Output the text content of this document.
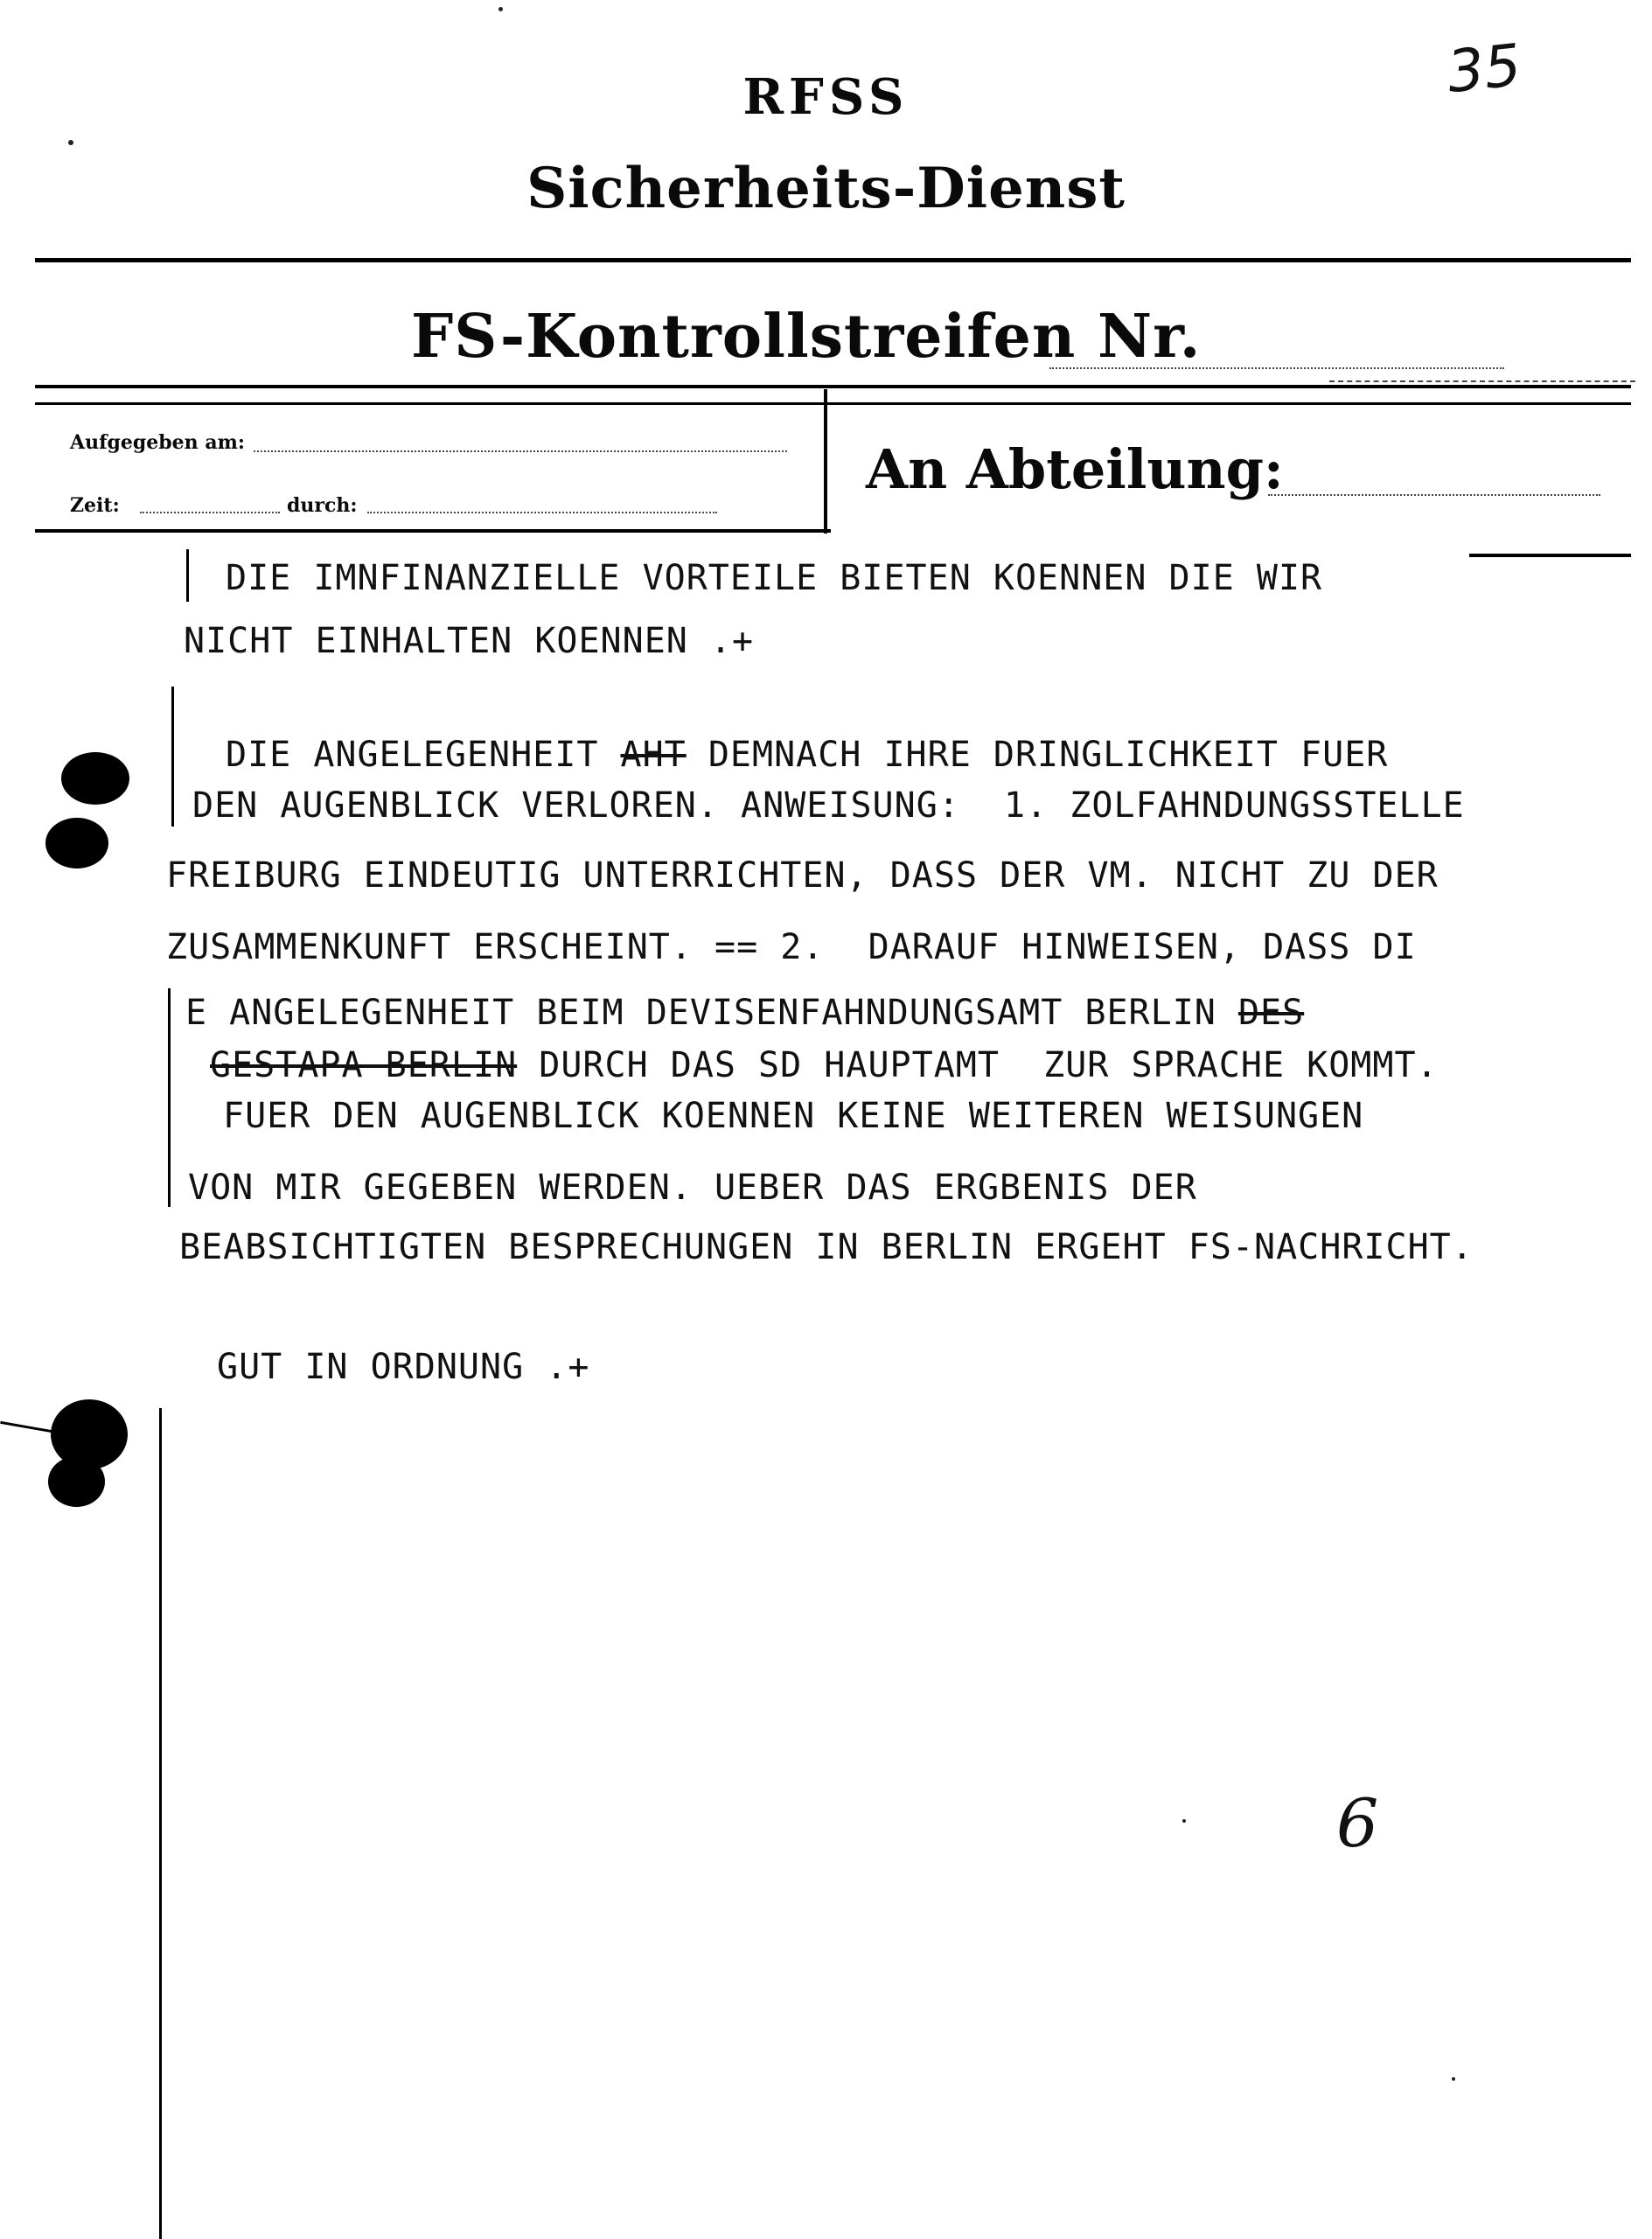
35
RFSS
Sicherheits-Dienst
FS-Kontrollstreifen Nr.
Aufgegeben am:
Zeit:	durch:
An Abteilung:
DIE IMNFINANZIELLE VORTEILE BIETEN KOENNEN DIE WIR
NICHT EINHALTEN KOENNEN .+
DIE ANGELEGENHEIT AHT DEMNACH IHRE DRINGLICHKEIT FUER
DEN AUGENBLICK VERLOREN. ANWEISUNG:  1. ZOLFAHNDUNGSSTELLE
FREIBURG EINDEUTIG UNTERRICHTEN, DASS DER VM. NICHT ZU DER
ZUSAMMENKUNFT ERSCHEINT. == 2.  DARAUF HINWEISEN, DASS DI
E ANGELEGENHEIT BEIM DEVISENFAHNDUNGSAMT BERLIN DES
GESTAPA BERLIN DURCH DAS SD HAUPTAMT  ZUR SPRACHE KOMMT.
FUER DEN AUGENBLICK KOENNEN KEINE WEITEREN WEISUNGEN
VON MIR GEGEBEN WERDEN. UEBER DAS ERGBENIS DER
BEABSICHTIGTEN BESPRECHUNGEN IN BERLIN ERGEHT FS-NACHRICHT.
GUT IN ORDNUNG .+
6
